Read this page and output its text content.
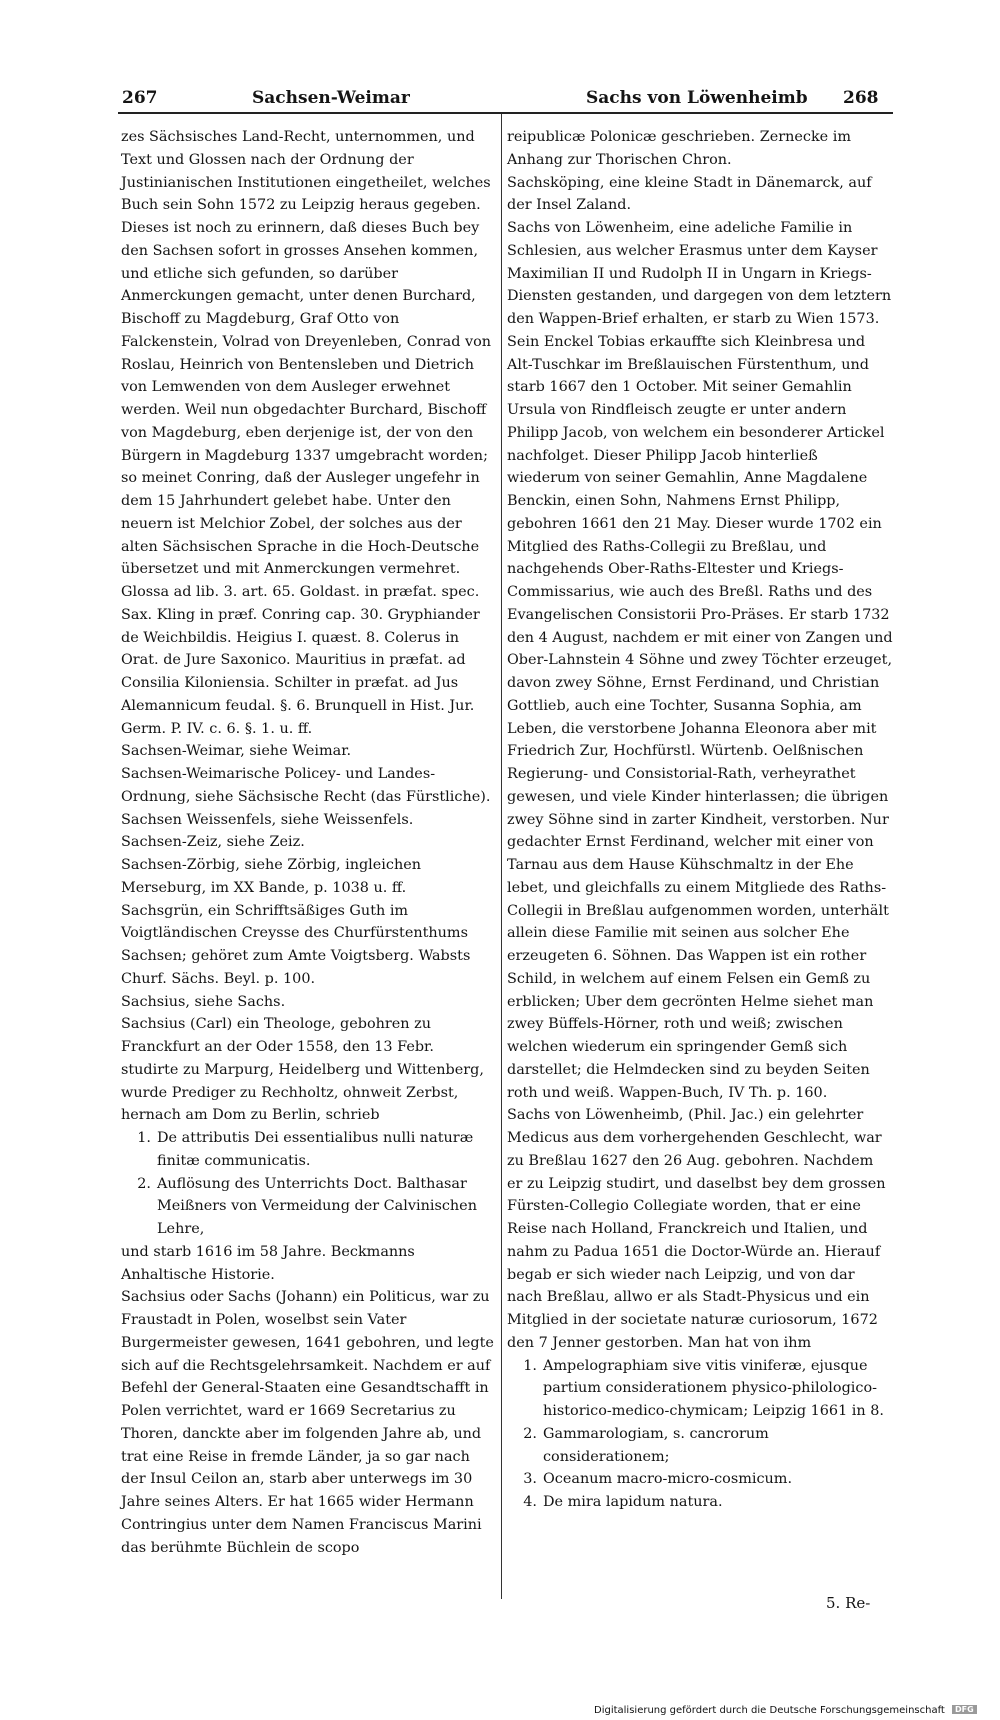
267	Sachsen-Weimar	Sachs von Löwenheimb 268

zes Sächsisches Land-Recht, unternommen, und Text und Glossen nach der Ordnung der Justinianischen Institutionen eingetheilet, welches Buch sein Sohn 1572 zu Leipzig heraus gegeben. Dieses ist noch zu erinnern, daß dieses Buch bey den Sachsen sofort in grosses Ansehen kommen, und etliche sich gefunden, so darüber Anmerckungen gemacht, unter denen Burchard, Bischoff zu Magdeburg, Graf Otto von Falckenstein, Volrad von Dreyenleben, Conrad von Roslau, Heinrich von Bentensleben und Dietrich von Lemwenden von dem Ausleger erwehnet werden. Weil nun obgedachter Burchard, Bischoff von Magdeburg, eben derjenige ist, der von den Bürgern in Magdeburg 1337 umgebracht worden; so meinet Conring, daß der Ausleger ungefehr in dem 15 Jahrhundert gelebet habe. Unter den neuern ist Melchior Zobel, der solches aus der alten Sächsischen Sprache in die Hoch-Deutsche übersetzet und mit Anmerckungen vermehret. Glossa ad lib. 3. art. 65. Goldast. in præfat. spec. Sax. Kling in præf. Conring cap. 30. Gryphiander de Weichbildis. Heigius I. quæst. 8. Colerus in Orat. de Jure Saxonico. Mauritius in præfat. ad Consilia Kiloniensia. Schilter in præfat. ad Jus Alemannicum feudal. §. 6. Brunquell in Hist. Jur. Germ. P. IV. c. 6. §. 1. u. ff.

Sachsen-Weimar, siehe Weimar.

Sachsen-Weimarische Policey- und Landes-Ordnung, siehe Sächsische Recht (das Fürstliche).

Sachsen Weissenfels, siehe Weissenfels.

Sachsen-Zeiz, siehe Zeiz.

Sachsen-Zörbig, siehe Zörbig, ingleichen Merseburg, im XX Bande, p. 1038 u. ff.

Sachsgrün, ein Schrifftsäßiges Guth im Voigtländischen Creysse des Churfürstenthums Sachsen; gehöret zum Amte Voigtsberg. Wabsts Churf. Sächs. Beyl. p. 100.

Sachsius, siehe Sachs.

Sachsius (Carl) ein Theologe, gebohren zu Franckfurt an der Oder 1558, den 13 Febr. studirte zu Marpurg, Heidelberg und Wittenberg, wurde Prediger zu Rechholtz, ohnweit Zerbst, hernach am Dom zu Berlin, schrieb

1. De attributis Dei essentialibus nulli naturæ finitæ communicatis.
2. Auflösung des Unterrichts Doct. Balthasar Meißners von Vermeidung der Calvinischen Lehre,

und starb 1616 im 58 Jahre. Beckmanns Anhaltische Historie.

Sachsius oder Sachs (Johann) ein Politicus, war zu Fraustadt in Polen, woselbst sein Vater Burgermeister gewesen, 1641 gebohren, und legte sich auf die Rechtsgelehrsamkeit. Nachdem er auf Befehl der General-Staaten eine Gesandtschafft in Polen verrichtet, ward er 1669 Secretarius zu Thoren, danckte aber im folgenden Jahre ab, und trat eine Reise in fremde Länder, ja so gar nach der Insul Ceilon an, starb aber unterwegs im 30 Jahre seines Alters. Er hat 1665 wider Hermann Contringius unter dem Namen Franciscus Marini das berühmte Büchlein de scopo

reipublicæ Polonicæ geschrieben. Zernecke im Anhang zur Thorischen Chron.

Sachsköping, eine kleine Stadt in Dänemarck, auf der Insel Zaland.

Sachs von Löwenheim, eine adeliche Familie in Schlesien, aus welcher Erasmus unter dem Kayser Maximilian II und Rudolph II in Ungarn in Kriegs-Diensten gestanden, und dargegen von dem letztern den Wappen-Brief erhalten, er starb zu Wien 1573. Sein Enckel Tobias erkauffte sich Kleinbresa und Alt-Tuschkar im Breßlauischen Fürstenthum, und starb 1667 den 1 October. Mit seiner Gemahlin Ursula von Rindfleisch zeugte er unter andern Philipp Jacob, von welchem ein besonderer Artickel nachfolget. Dieser Philipp Jacob hinterließ wiederum von seiner Gemahlin, Anne Magdalene Benckin, einen Sohn, Nahmens Ernst Philipp, gebohren 1661 den 21 May. Dieser wurde 1702 ein Mitglied des Raths-Collegii zu Breßlau, und nachgehends Ober-Raths-Eltester und Kriegs-Commissarius, wie auch des Breßl. Raths und des Evangelischen Consistorii Pro-Präses. Er starb 1732 den 4 August, nachdem er mit einer von Zangen und Ober-Lahnstein 4 Söhne und zwey Töchter erzeuget, davon zwey Söhne, Ernst Ferdinand, und Christian Gottlieb, auch eine Tochter, Susanna Sophia, am Leben, die verstorbene Johanna Eleonora aber mit Friedrich Zur, Hochfürstl. Würtenb. Oelßnischen Regierung- und Consistorial-Rath, verheyrathet gewesen, und viele Kinder hinterlassen; die übrigen zwey Söhne sind in zarter Kindheit, verstorben. Nur gedachter Ernst Ferdinand, welcher mit einer von Tarnau aus dem Hause Kühschmaltz in der Ehe lebet, und gleichfalls zu einem Mitgliede des Raths-Collegii in Breßlau aufgenommen worden, unterhält allein diese Familie mit seinen aus solcher Ehe erzeugeten 6. Söhnen. Das Wappen ist ein rother Schild, in welchem auf einem Felsen ein Gemß zu erblicken; Uber dem gecrönten Helme siehet man zwey Büffels-Hörner, roth und weiß; zwischen welchen wiederum ein springender Gemß sich darstellet; die Helmdecken sind zu beyden Seiten roth und weiß. Wappen-Buch, IV Th. p. 160.

Sachs von Löwenheimb, (Phil. Jac.) ein gelehrter Medicus aus dem vorhergehenden Geschlecht, war zu Breßlau 1627 den 26 Aug. gebohren. Nachdem er zu Leipzig studirt, und daselbst bey dem grossen Fürsten-Collegio Collegiate worden, that er eine Reise nach Holland, Franckreich und Italien, und nahm zu Padua 1651 die Doctor-Würde an. Hierauf begab er sich wieder nach Leipzig, und von dar nach Breßlau, allwo er als Stadt-Physicus und ein Mitglied in der societate naturæ curiosorum, 1672 den 7 Jenner gestorben. Man hat von ihm

1. Ampelographiam sive vitis viniferæ, ejusque partium considerationem physico-philologico-historico-medico-chymicam; Leipzig 1661 in 8.
2. Gammarologiam, s. cancrorum considerationem;
3. Oceanum macro-micro-cosmicum.
4. De mira lapidum natura.
5. Re-
Digitalisierung gefördert durch die Deutsche Forschungsgemeinschaft DFG
